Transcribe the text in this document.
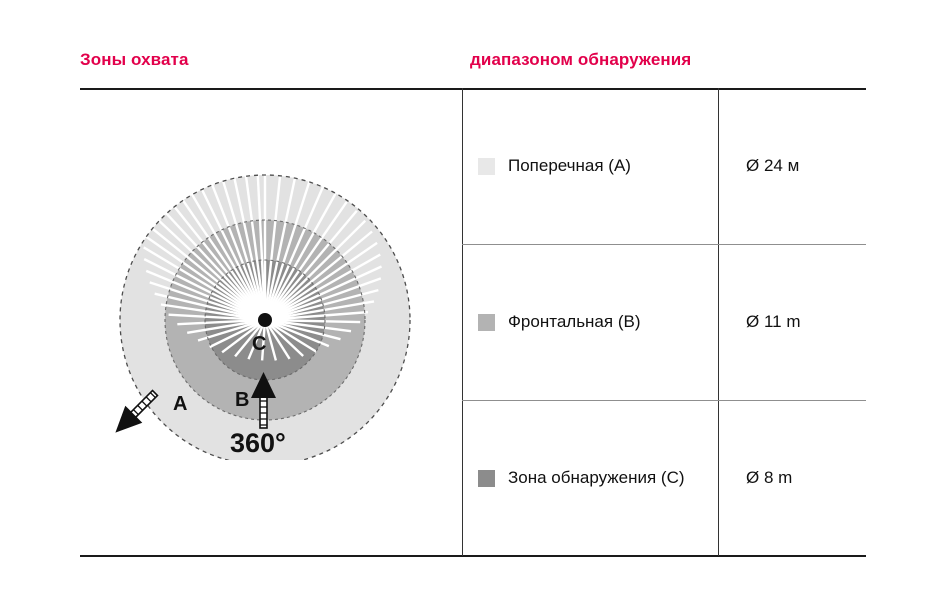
Зоны охвата	диапазоном обнаружения
C
B
A
360°
Поперечная (A)	Ø 24 м
Фронтальная (B)	Ø 11 m
Зона обнаружения (C)	Ø 8 m
